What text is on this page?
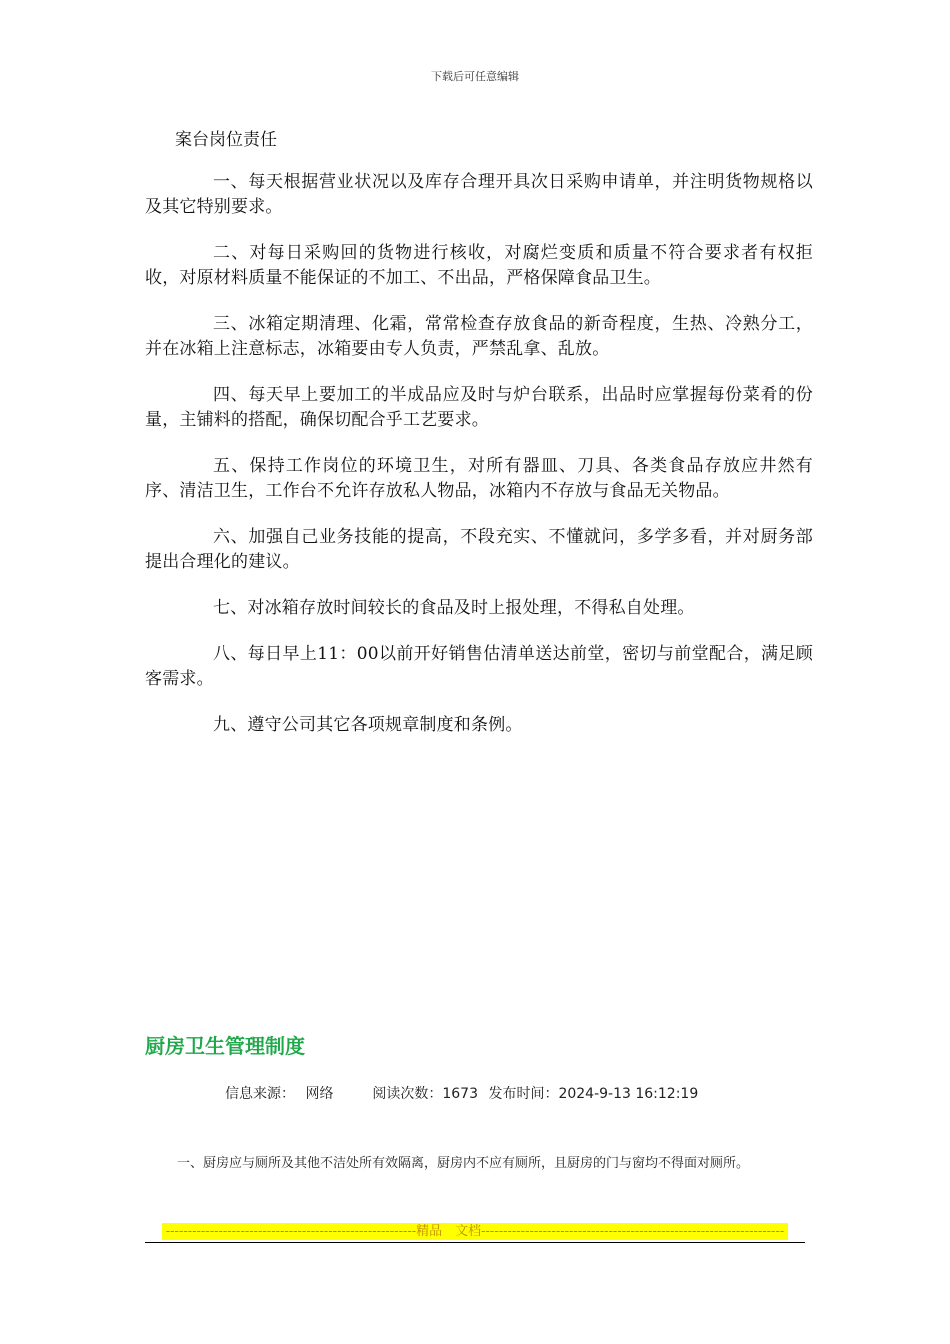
下载后可任意编辑
案台岗位责任

一、每天根据营业状况以及库存合理开具次日采购申请单，并注明货物规格以及其它特别要求。

二、对每日采购回的货物进行核收，对腐烂变质和质量不符合要求者有权拒收，对原材料质量不能保证的不加工、不出品，严格保障食品卫生。

三、冰箱定期清理、化霜，常常检查存放食品的新奇程度，生热、冷熟分工，并在冰箱上注意标志，冰箱要由专人负责，严禁乱拿、乱放。

四、每天早上要加工的半成品应及时与炉台联系，出品时应掌握每份菜肴的份量，主铺料的搭配，确保切配合乎工艺要求。

五、保持工作岗位的环境卫生，对所有器皿、刀具、各类食品存放应井然有序、清洁卫生，工作台不允许存放私人物品，冰箱内不存放与食品无关物品。

六、加强自己业务技能的提高，不段充实、不懂就问，多学多看，并对厨务部提出合理化的建议。

七、对冰箱存放时间较长的食品及时上报处理，不得私自处理。

八、每日早上11：00以前开好销售估清单送达前堂，密切与前堂配合，满足顾客需求。

九、遵守公司其它各项规章制度和条例。

厨房卫生管理制度
信息来源： 网络	阅读次数：1673 发布时间：2024-9-13 16:12:19
一、厨房应与厕所及其他不洁处所有效隔离，厨房内不应有厕所，且厨房的门与窗均不得面对厕所。
---------------------------------------------------------精品　文档---------------------------------------------------------------------
